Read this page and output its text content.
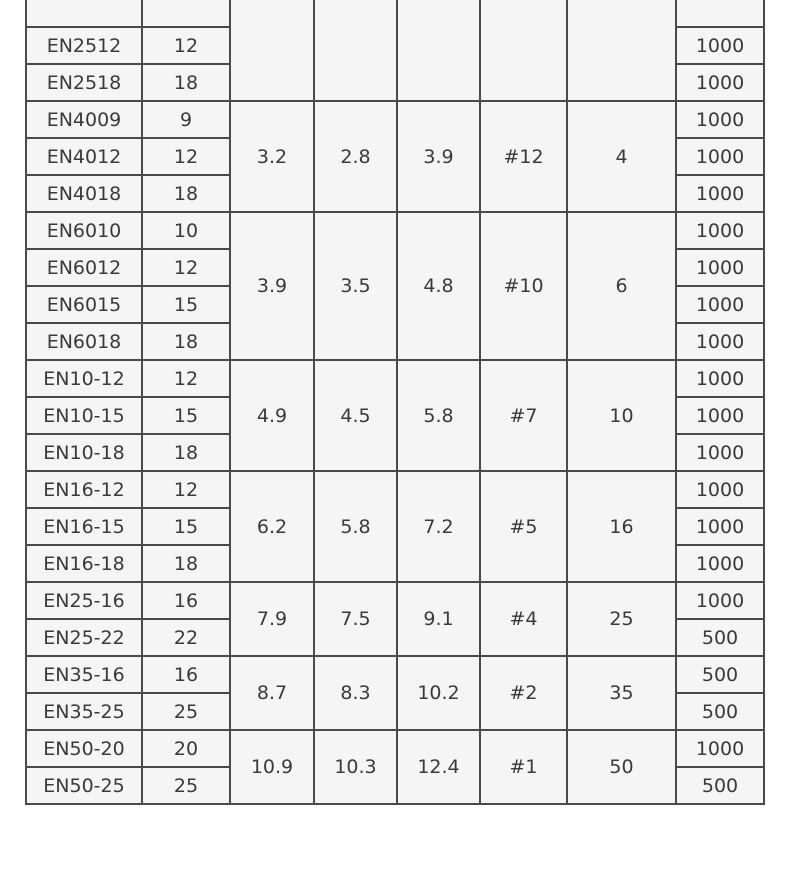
EN2512	12						1000
EN2518	18						1000
EN4009	9	3.2	2.8	3.9	#12	4	1000
EN4012	12						1000
EN4018	18						1000
EN6010	10	3.9	3.5	4.8	#10	6	1000
EN6012	12						1000
EN6015	15						1000
EN6018	18						1000
EN10-12	12	4.9	4.5	5.8	#7	10	1000
EN10-15	15						1000
EN10-18	18						1000
EN16-12	12	6.2	5.8	7.2	#5	16	1000
EN16-15	15						1000
EN16-18	18						1000
EN25-16	16	7.9	7.5	9.1	#4	25	1000
EN25-22	22						500
EN35-16	16	8.7	8.3	10.2	#2	35	500
EN35-25	25						500
EN50-20	20	10.9	10.3	12.4	#1	50	1000
EN50-25	25						500
